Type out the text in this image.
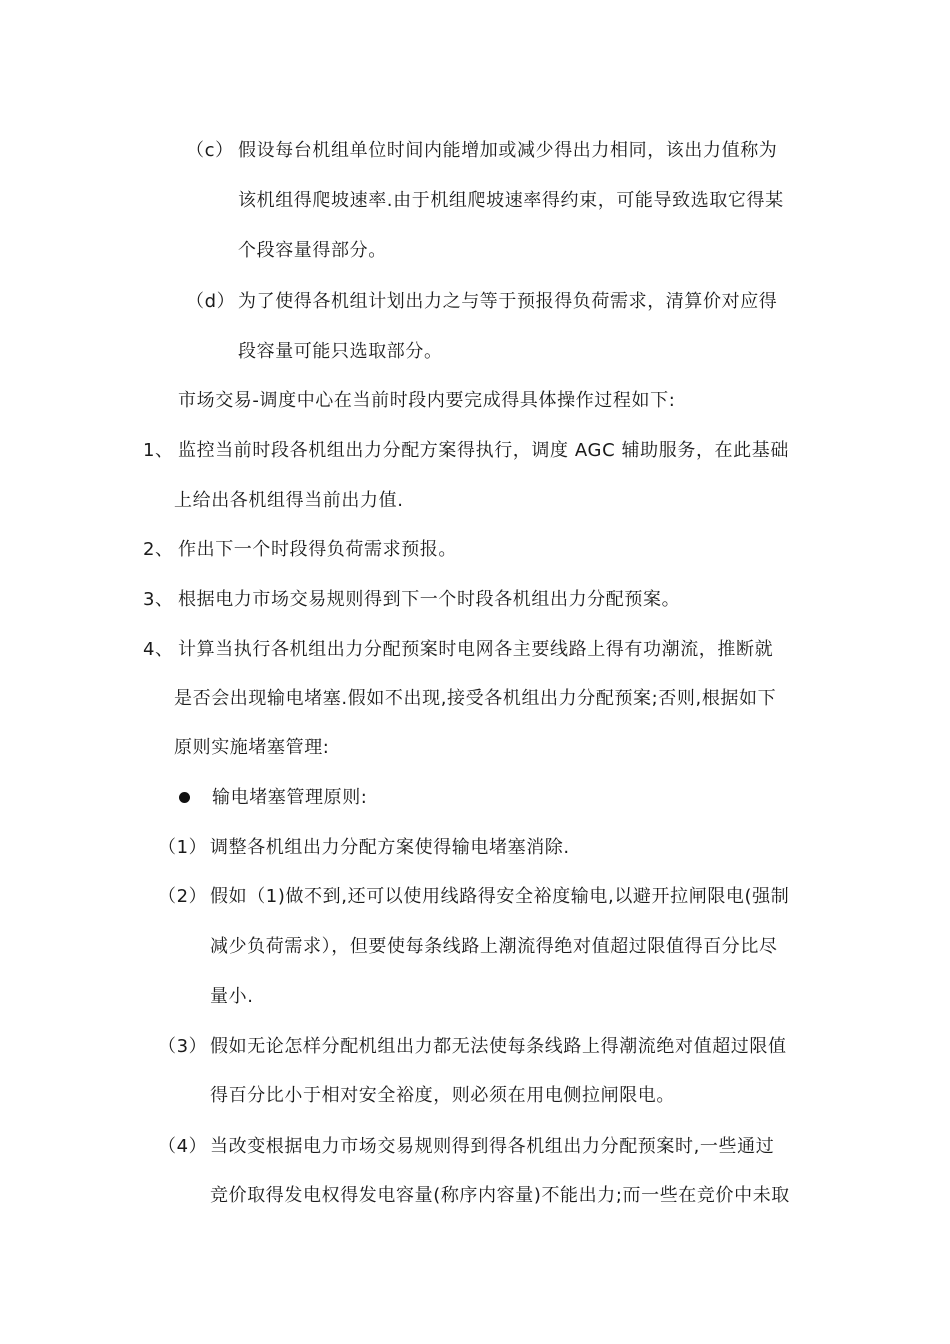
（c） 假设每台机组单位时间内能增加或减少得出力相同，该出力值称为
该机组得爬坡速率.由于机组爬坡速率得约束，可能导致选取它得某
个段容量得部分。
（d） 为了使得各机组计划出力之与等于预报得负荷需求，清算价对应得
段容量可能只选取部分。
市场交易-调度中心在当前时段内要完成得具体操作过程如下:
1、 监控当前时段各机组出力分配方案得执行，调度 AGC 辅助服务，在此基础
上给出各机组得当前出力值.
2、 作出下一个时段得负荷需求预报。
3、 根据电力市场交易规则得到下一个时段各机组出力分配预案。
4、 计算当执行各机组出力分配预案时电网各主要线路上得有功潮流，推断就
是否会出现输电堵塞.假如不出现,接受各机组出力分配预案;否则,根据如下
原则实施堵塞管理:
输电堵塞管理原则:
（1） 调整各机组出力分配方案使得输电堵塞消除.
（2） 假如（1)做不到,还可以使用线路得安全裕度输电,以避开拉闸限电(强制
减少负荷需求），但要使每条线路上潮流得绝对值超过限值得百分比尽
量小.
（3） 假如无论怎样分配机组出力都无法使每条线路上得潮流绝对值超过限值
得百分比小于相对安全裕度，则必须在用电侧拉闸限电。
（4） 当改变根据电力市场交易规则得到得各机组出力分配预案时,一些通过
竞价取得发电权得发电容量(称序内容量)不能出力;而一些在竞价中未取
